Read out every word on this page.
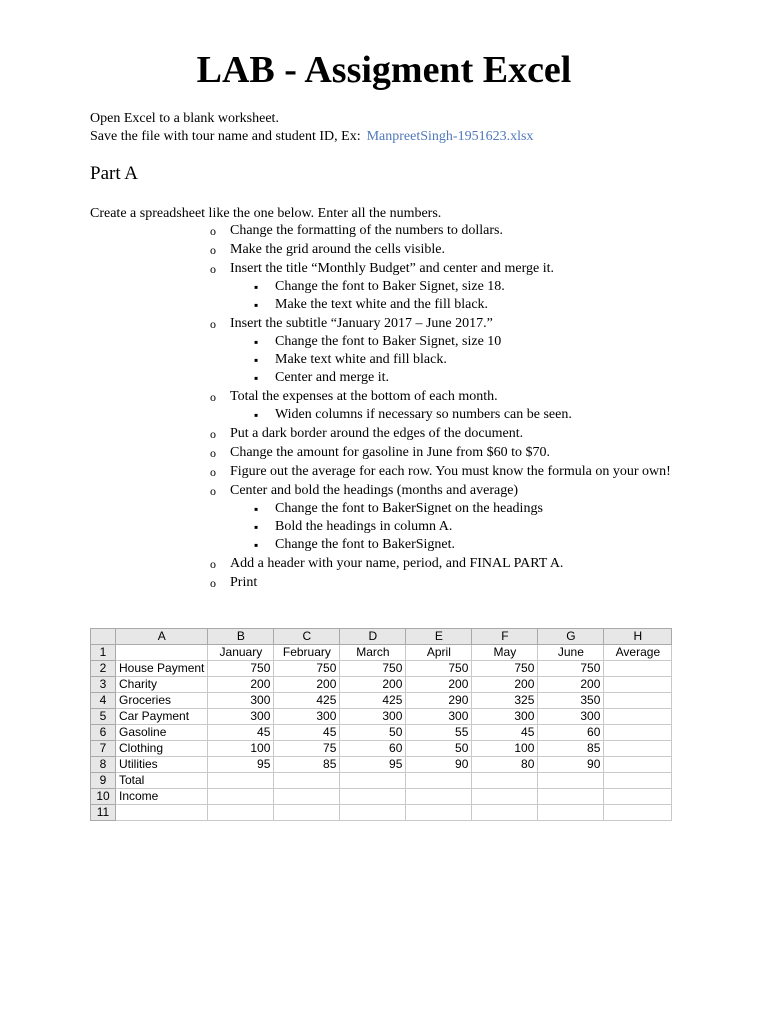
LAB - Assigment Excel
Open Excel to a blank worksheet.
Save the file with tour name and student ID, Ex: ManpreetSingh-1951623.xlsx
Part A
Create a spreadsheet like the one below. Enter all the numbers.
o Change the formatting of the numbers to dollars.
o Make the grid around the cells visible.
o Insert the title “Monthly Budget” and center and merge it.
▪ Change the font to Baker Signet, size 18.
▪ Make the text white and the fill black.
o Insert the subtitle “January 2017 – June 2017.”
▪ Change the font to Baker Signet, size 10
▪ Make text white and fill black.
▪ Center and merge it.
o Total the expenses at the bottom of each month.
▪ Widen columns if necessary so numbers can be seen.
o Put a dark border around the edges of the document.
o Change the amount for gasoline in June from $60 to $70.
o Figure out the average for each row. You must know the formula on your own!
o Center and bold the headings (months and average)
▪ Change the font to BakerSignet on the headings
▪ Bold the headings in column A.
▪ Change the font to BakerSignet.
o Add a header with your name, period, and FINAL PART A.
o Print
	A	B	C	D	E	F	G	H
1		January	February	March	April	May	June	Average
2	House Payment	750	750	750	750	750	750	
3	Charity	200	200	200	200	200	200	
4	Groceries	300	425	425	290	325	350	
5	Car Payment	300	300	300	300	300	300	
6	Gasoline	45	45	50	55	45	60	
7	Clothing	100	75	60	50	100	85	
8	Utilities	95	85	95	90	80	90	
9	Total							
10	Income							
11								
